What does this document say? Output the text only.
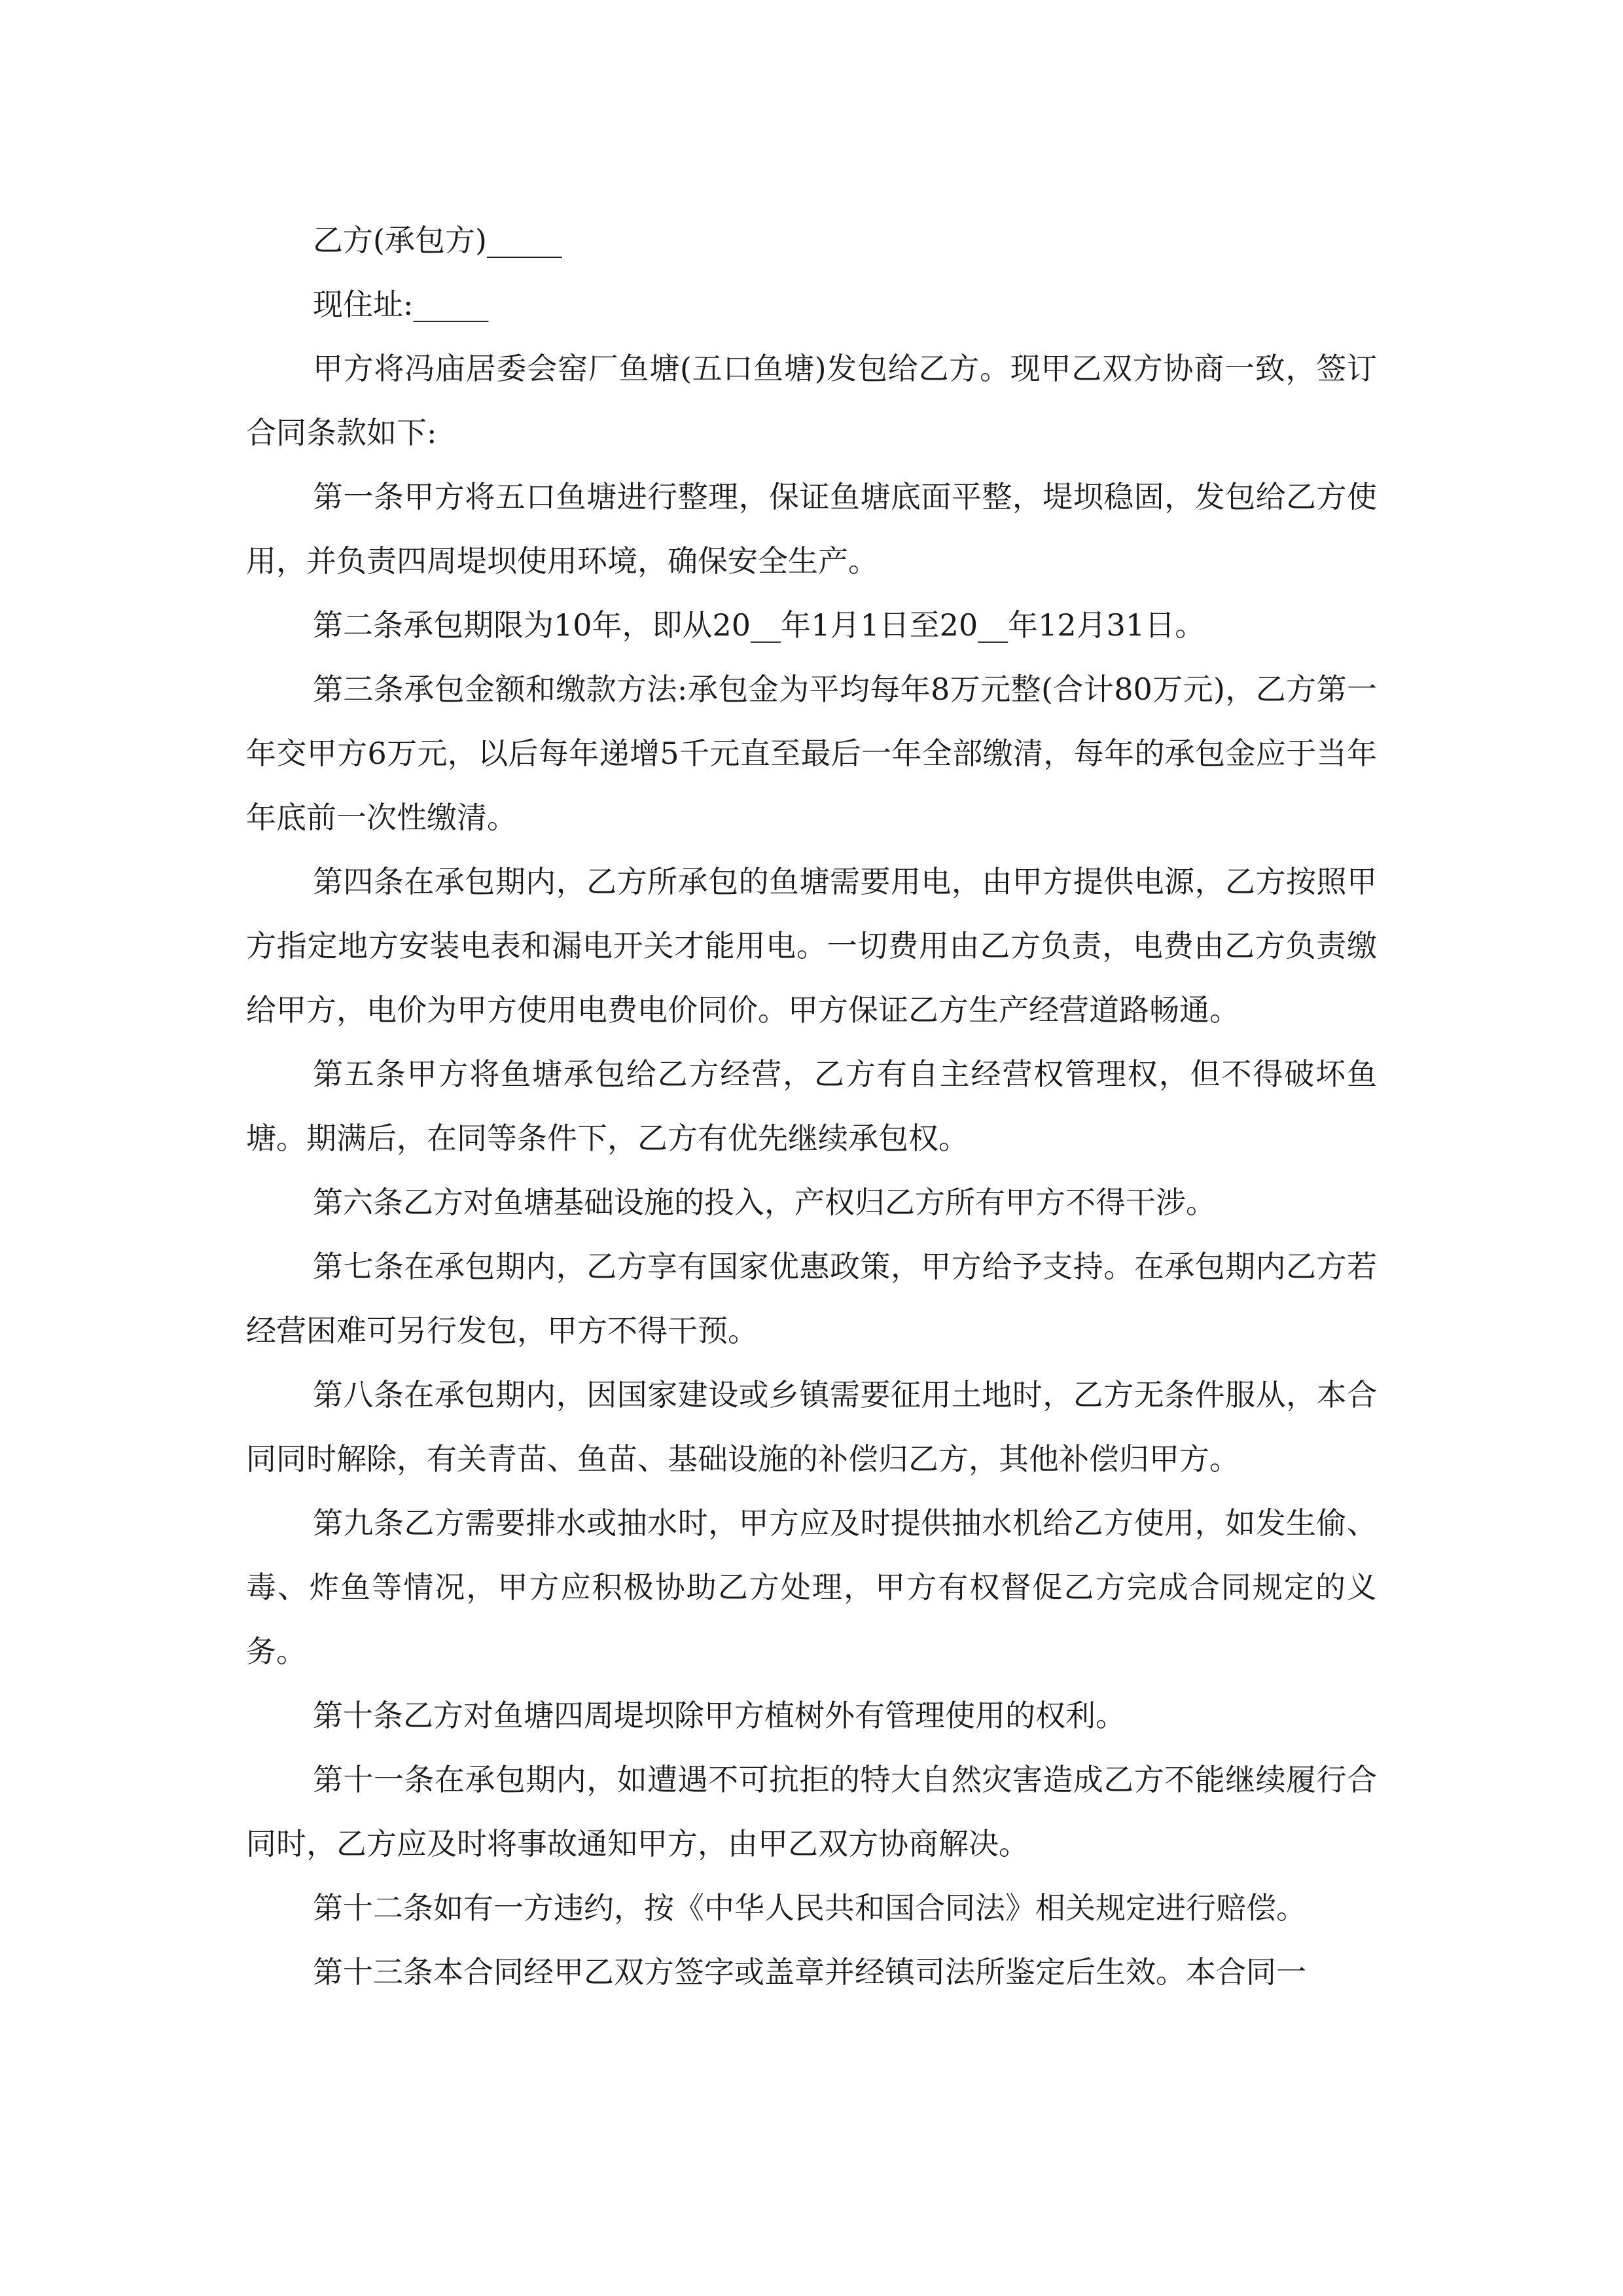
乙方(承包方)_____

现住址:_____

甲方将冯庙居委会窑厂鱼塘(五口鱼塘)发包给乙方。现甲乙双方协商一致，签订合同条款如下:

第一条甲方将五口鱼塘进行整理，保证鱼塘底面平整，堤坝稳固，发包给乙方使用，并负责四周堤坝使用环境，确保安全生产。

第二条承包期限为10年，即从20__年1月1日至20__年12月31日。

第三条承包金额和缴款方法:承包金为平均每年8万元整(合计80万元)，乙方第一年交甲方6万元，以后每年递增5千元直至最后一年全部缴清，每年的承包金应于当年年底前一次性缴清。

第四条在承包期内，乙方所承包的鱼塘需要用电，由甲方提供电源，乙方按照甲方指定地方安装电表和漏电开关才能用电。一切费用由乙方负责，电费由乙方负责缴给甲方，电价为甲方使用电费电价同价。甲方保证乙方生产经营道路畅通。

第五条甲方将鱼塘承包给乙方经营，乙方有自主经营权管理权，但不得破坏鱼塘。期满后，在同等条件下，乙方有优先继续承包权。

第六条乙方对鱼塘基础设施的投入，产权归乙方所有甲方不得干涉。

第七条在承包期内，乙方享有国家优惠政策，甲方给予支持。在承包期内乙方若经营困难可另行发包，甲方不得干预。

第八条在承包期内，因国家建设或乡镇需要征用土地时，乙方无条件服从，本合同同时解除，有关青苗、鱼苗、基础设施的补偿归乙方，其他补偿归甲方。

第九条乙方需要排水或抽水时，甲方应及时提供抽水机给乙方使用，如发生偷、毒、炸鱼等情况，甲方应积极协助乙方处理，甲方有权督促乙方完成合同规定的义务。

第十条乙方对鱼塘四周堤坝除甲方植树外有管理使用的权利。

第十一条在承包期内，如遭遇不可抗拒的特大自然灾害造成乙方不能继续履行合同时，乙方应及时将事故通知甲方，由甲乙双方协商解决。

第十二条如有一方违约，按《中华人民共和国合同法》相关规定进行赔偿。

第十三条本合同经甲乙双方签字或盖章并经镇司法所鉴定后生效。本合同一
